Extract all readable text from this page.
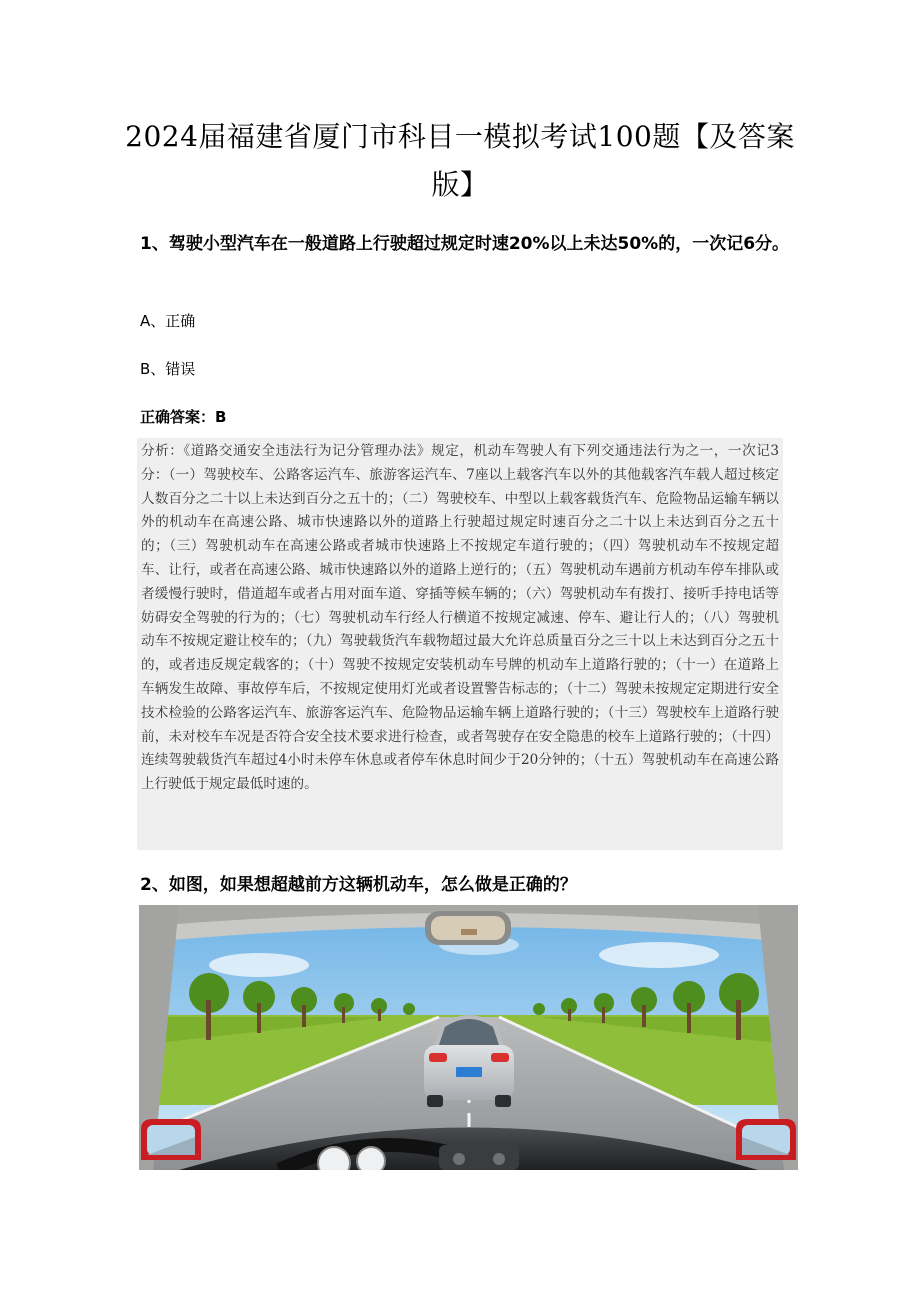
2024届福建省厦门市科目一模拟考试100题【及答案版】
1、驾驶小型汽车在一般道路上行驶超过规定时速20%以上未达50%的，一次记6分。
A、正确
B、错误
正确答案：B
分析：《道路交通安全违法行为记分管理办法》规定，机动车驾驶人有下列交通违法行为之一，一次记3分：（一）驾驶校车、公路客运汽车、旅游客运汽车、7座以上载客汽车以外的其他载客汽车载人超过核定人数百分之二十以上未达到百分之五十的；（二）驾驶校车、中型以上载客载货汽车、危险物品运输车辆以外的机动车在高速公路、城市快速路以外的道路上行驶超过规定时速百分之二十以上未达到百分之五十的；（三）驾驶机动车在高速公路或者城市快速路上不按规定车道行驶的；（四）驾驶机动车不按规定超车、让行，或者在高速公路、城市快速路以外的道路上逆行的；（五）驾驶机动车遇前方机动车停车排队或者缓慢行驶时，借道超车或者占用对面车道、穿插等候车辆的；（六）驾驶机动车有拨打、接听手持电话等妨碍安全驾驶的行为的；（七）驾驶机动车行经人行横道不按规定减速、停车、避让行人的；（八）驾驶机动车不按规定避让校车的；（九）驾驶载货汽车载物超过最大允许总质量百分之三十以上未达到百分之五十的，或者违反规定载客的；（十）驾驶不按规定安装机动车号牌的机动车上道路行驶的；（十一）在道路上车辆发生故障、事故停车后，不按规定使用灯光或者设置警告标志的；（十二）驾驶未按规定定期进行安全技术检验的公路客运汽车、旅游客运汽车、危险物品运输车辆上道路行驶的；（十三）驾驶校车上道路行驶前，未对校车车况是否符合安全技术要求进行检查，或者驾驶存在安全隐患的校车上道路行驶的；（十四）连续驾驶载货汽车超过4小时未停车休息或者停车休息时间少于20分钟的；（十五）驾驶机动车在高速公路上行驶低于规定最低时速的。
2、如图，如果想超越前方这辆机动车，怎么做是正确的？
